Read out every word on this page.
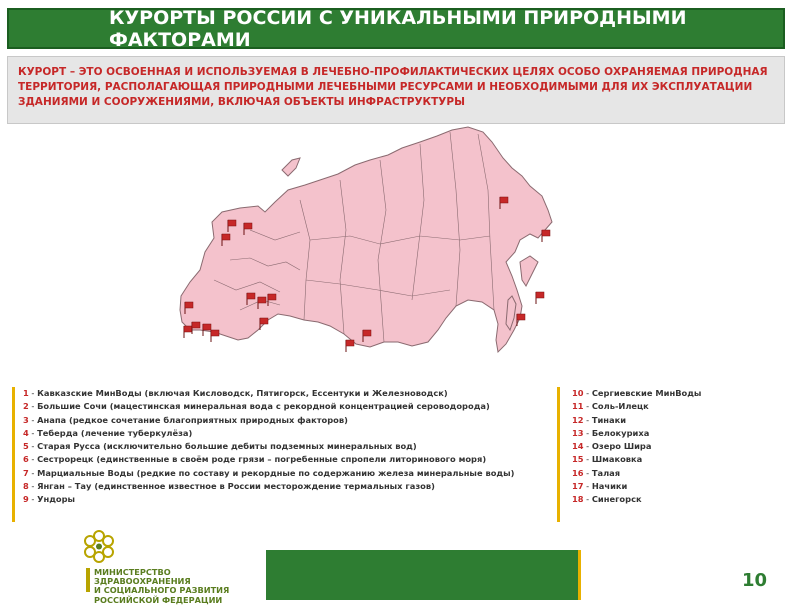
КУРОРТЫ РОССИИ С УНИКАЛЬНЫМИ ПРИРОДНЫМИ ФАКТОРАМИ
КУРОРТ – ЭТО ОСВОЕННАЯ И ИСПОЛЬЗУЕМАЯ В ЛЕЧЕБНО-ПРОФИЛАКТИЧЕСКИХ ЦЕЛЯХ ОСОБО ОХРАНЯЕМАЯ ПРИРОДНАЯ ТЕРРИТОРИЯ, РАСПОЛАГАЮЩАЯ ПРИРОДНЫМИ ЛЕЧЕБНЫМИ РЕСУРСАМИ И НЕОБХОДИМЫМИ ДЛЯ ИХ ЭКСПЛУАТАЦИИ ЗДАНИЯМИ И СООРУЖЕНИЯМИ, ВКЛЮЧАЯ ОБЪЕКТЫ ИНФРАСТРУКТУРЫ
1 - Кавказские МинВоды (включая Кисловодск, Пятигорск, Ессентуки и Железноводск)
2 - Большие Сочи (мацестинская минеральная вода с рекордной концентрацией сероводорода)
3 - Анапа (редкое сочетание благоприятных природных факторов)
4 - Теберда (лечение туберкулёза)
5 - Старая Русса (исключительно большие дебиты подземных минеральных вод)
6 - Сестрорецк (единственные в своём роде грязи – погребенные спропели литоринового моря)
7 - Марциальные Воды (редкие по составу и рекордные по содержанию железа минеральные воды)
8 - Янган – Тау (единственное известное в России месторождение термальных газов)
9 - Ундоры
10 - Сергиевские МинВоды
11 - Соль-Илецк
12 - Тинаки
13 - Белокуриха
14 - Озеро Шира
15 - Шмаковка
16 - Талая
17 - Начики
18 - Синегорск
МИНИСТЕРСТВО
ЗДРАВООХРАНЕНИЯ
И СОЦИАЛЬНОГО РАЗВИТИЯ
РОССИЙСКОЙ ФЕДЕРАЦИИ
10
